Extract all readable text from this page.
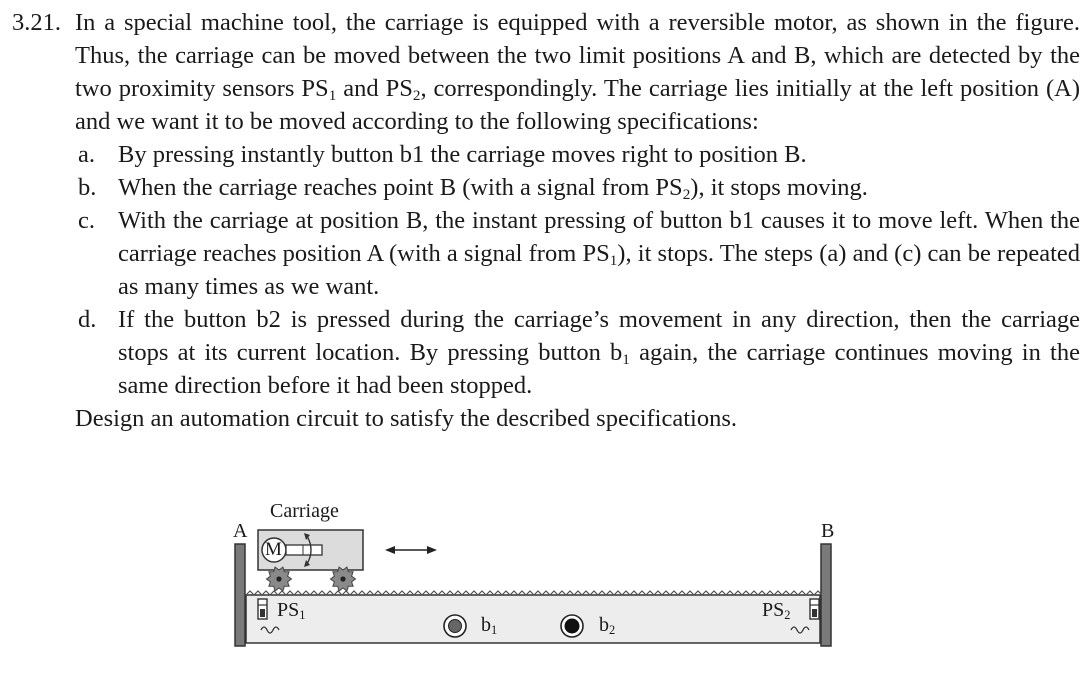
3.21. In a special machine tool, the carriage is equipped with a reversible motor, as shown in the figure. Thus, the carriage can be moved between the two limit positions A and B, which are detected by the two proximity sensors $PS_1$ and $PS_2$, correspondingly. The carriage lies initially at the left position (A) and we want it to be moved according to the following specifications:
a. By pressing instantly button b1 the carriage moves right to position B.
b. When the carriage reaches point B (with a signal from $PS_2$), it stops moving.
c. With the carriage at position B, the instant pressing of button b1 causes it to move left. When the carriage reaches position A (with a signal from $PS_1$), it stops. The steps (a) and (c) can be repeated as many times as we want.
d. If the button b2 is pressed during the carriage’s movement in any direction, then the carriage stops at its current location. By pressing button $b_1$ again, the carriage continues moving in the same direction before it had been stopped.
Design an automation circuit to satisfy the described specifications.
Carriage
M
A	B
$PS_1$	$PS_2$
$b_1$	$b_2$
